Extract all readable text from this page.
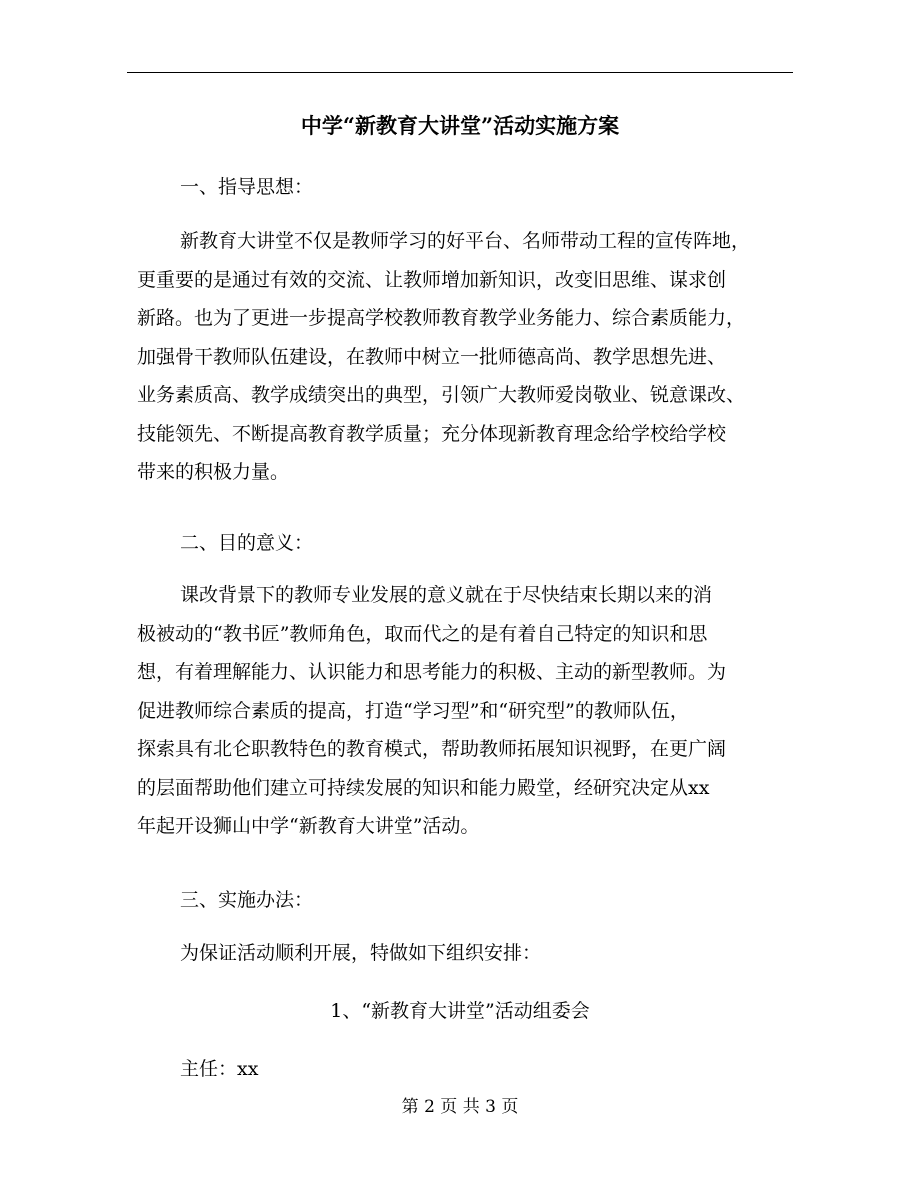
中学“新教育大讲堂”活动实施方案
一、指导思想：
新教育大讲堂不仅是教师学习的好平台、名师带动工程的宣传阵地，
更重要的是通过有效的交流、让教师增加新知识，改变旧思维、谋求创
新路。也为了更进一步提高学校教师教育教学业务能力、综合素质能力，
加强骨干教师队伍建设，在教师中树立一批师德高尚、教学思想先进、
业务素质高、教学成绩突出的典型，引领广大教师爱岗敬业、锐意课改、
技能领先、不断提高教育教学质量；充分体现新教育理念给学校给学校
带来的积极力量。
二、目的意义：
课改背景下的教师专业发展的意义就在于尽快结束长期以来的消
极被动的“教书匠”教师角色，取而代之的是有着自己特定的知识和思
想，有着理解能力、认识能力和思考能力的积极、主动的新型教师。为
促进教师综合素质的提高，打造“学习型”和“研究型”的教师队伍，
探索具有北仑职教特色的教育模式，帮助教师拓展知识视野，在更广阔
的层面帮助他们建立可持续发展的知识和能力殿堂，经研究决定从xx
年起开设狮山中学“新教育大讲堂”活动。
三、实施办法：
为保证活动顺利开展，特做如下组织安排：
1、“新教育大讲堂”活动组委会
主任：xx
第 2 页 共 3 页
